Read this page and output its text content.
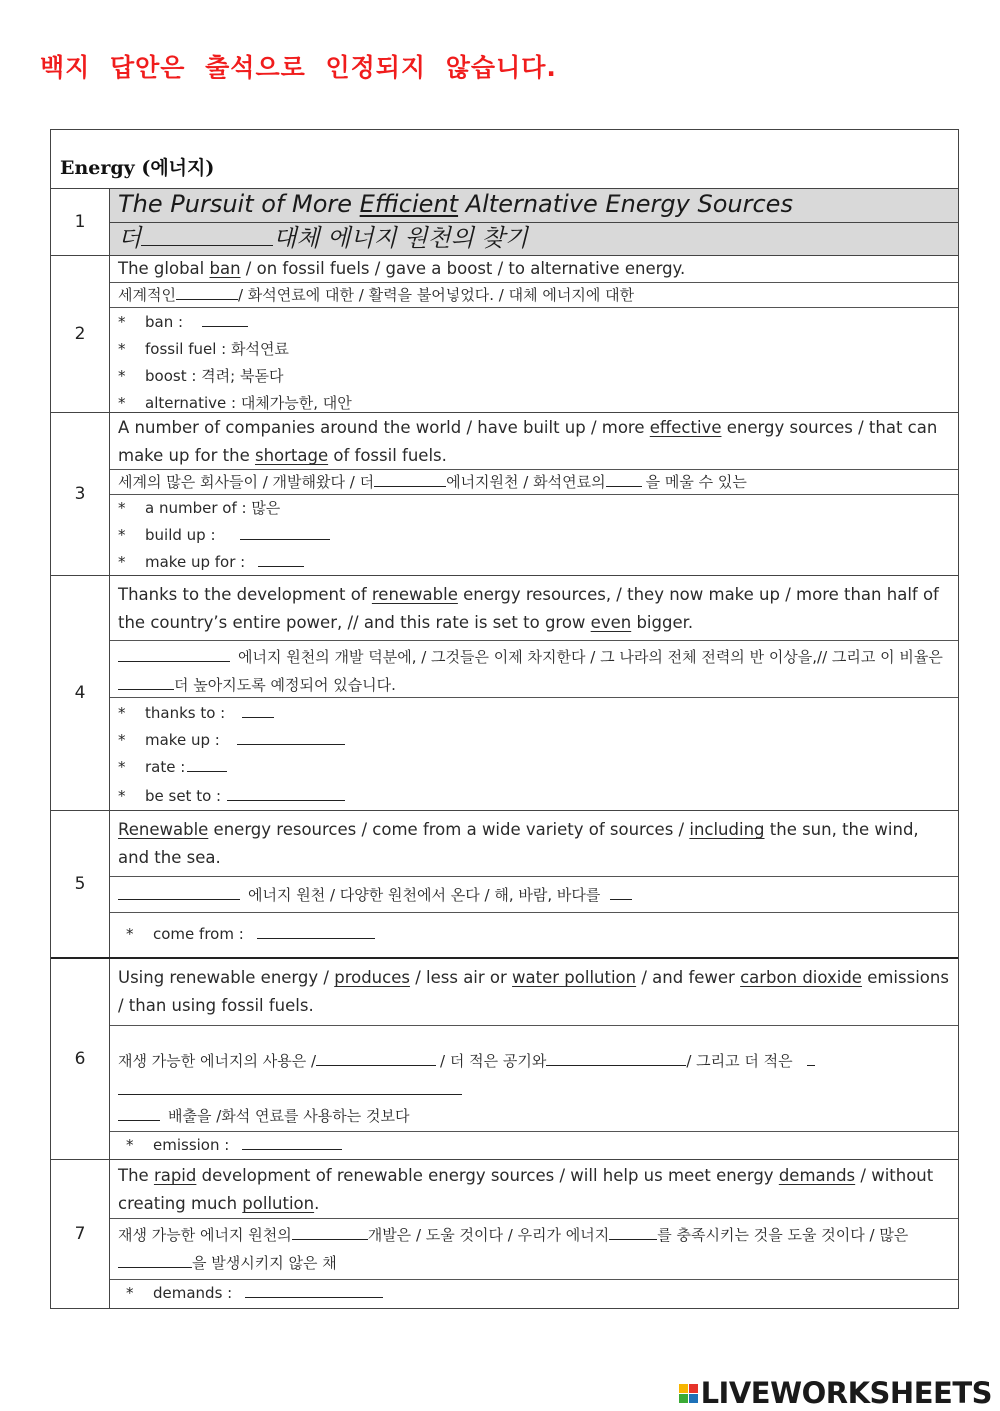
백지 답안은 출석으로 인정되지 않습니다.
Energy (에너지)
1
The Pursuit of More Efficient Alternative Energy Sources
더	대체 에너지 원천의 찾기
2
The global ban / on fossil fuels / gave a boost / to alternative energy.
세계적인	/ 화석연료에 대한 / 활력을 불어넣었다. / 대체 에너지에 대한
* ban :
* fossil fuel : 화석연료
* boost : 격려; 북돋다
* alternative : 대체가능한, 대안
3
A number of companies around the world / have built up / more effective energy sources / that can make up for the shortage of fossil fuels.
세계의 많은 회사들이 / 개발해왔다 / 더	에너지원천 / 화석연료의	을 메울 수 있는
* a number of : 많은
* build up :
* make up for :
4
Thanks to the development of renewable energy resources, / they now make up / more than half of the country’s entire power, // and this rate is set to grow even bigger.
에너지 원천의 개발 덕분에, / 그것들은 이제 차지한다 / 그 나라의 전체 전력의 반 이상을,// 그리고 이 비율은더 높아지도록 예정되어 있습니다.
* thanks to :
* make up :
* rate :
* be set to :
5
Renewable energy resources / come from a wide variety of sources / including the sun, the wind, and the sea.
에너지 원천 / 다양한 원천에서 온다 / 해, 바람, 바다를
* come from :
6
Using renewable energy / produces / less air or water pollution / and fewer carbon dioxide emissions / than using fossil fuels.
재생 가능한 에너지의 사용은 /	/ 더 적은 공기와	/ 그리고 더 적은
배출을 /화석 연료를 사용하는 것보다
* emission :
7
The rapid development of renewable energy sources / will help us meet energy demands / without creating much pollution.
재생 가능한 에너지 원천의	개발은 / 도울 것이다 / 우리가 에너지	를 충족시키는 것을 도울 것이다 / 많은을 발생시키지 않은 채
* demands :
LIVEWORKSHEETS
